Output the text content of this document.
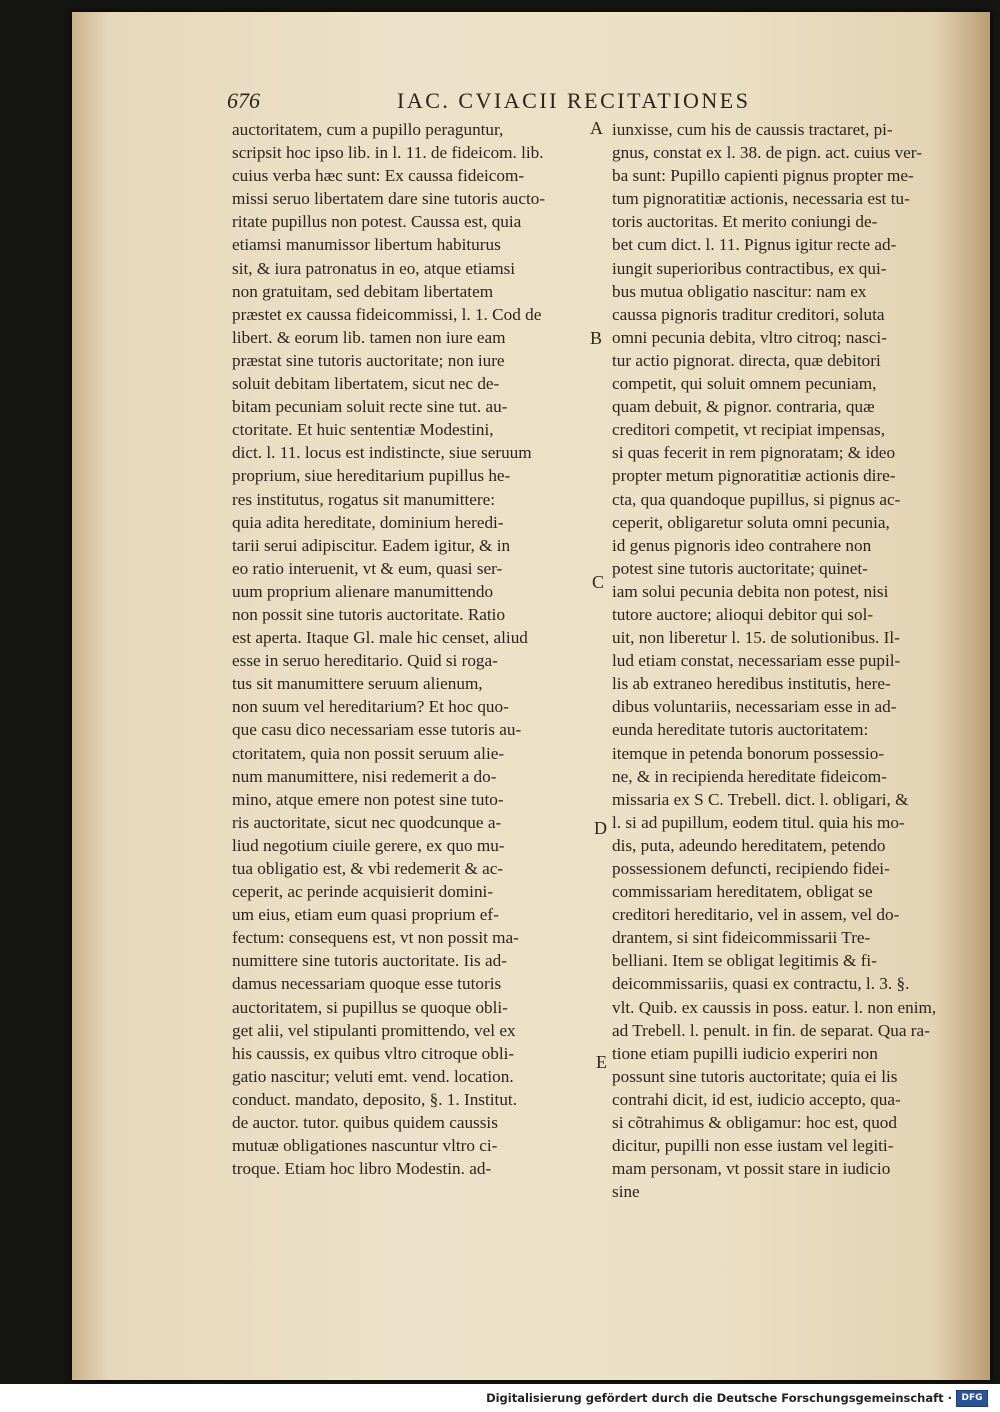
676	IAC. CVIACII RECITATIONES
auctoritatem, cum a pupillo peraguntur,
scripsit hoc ipso lib. in l. 11. de fideicom. lib.
cuius verba hæc sunt: Ex caussa fideicom-
missi seruo libertatem dare sine tutoris aucto-
ritate pupillus non potest. Caussa est, quia
etiamsi manumissor libertum habiturus
sit, & iura patronatus in eo, atque etiamsi
non gratuitam, sed debitam libertatem
præstet ex caussa fideicommissi, l. 1. Cod de
libert. & eorum lib. tamen non iure eam
præstat sine tutoris auctoritate; non iure
soluit debitam libertatem, sicut nec de-
bitam pecuniam soluit recte sine tut. au-
ctoritate. Et huic sententiæ Modestini,
dict. l. 11. locus est indistincte, siue seruum
proprium, siue hereditarium pupillus he-
res institutus, rogatus sit manumittere:
quia adita hereditate, dominium heredi-
tarii serui adipiscitur. Eadem igitur, & in
eo ratio interuenit, vt & eum, quasi ser-
uum proprium alienare manumittendo
non possit sine tutoris auctoritate. Ratio
est aperta. Itaque Gl. male hic censet, aliud
esse in seruo hereditario. Quid si roga-
tus sit manumittere seruum alienum,
non suum vel hereditarium? Et hoc quo-
que casu dico necessariam esse tutoris au-
ctoritatem, quia non possit seruum alie-
num manumittere, nisi redemerit a do-
mino, atque emere non potest sine tuto-
ris auctoritate, sicut nec quodcunque a-
liud negotium ciuile gerere, ex quo mu-
tua obligatio est, & vbi redemerit & ac-
ceperit, ac perinde acquisierit domini-
um eius, etiam eum quasi proprium ef-
fectum: consequens est, vt non possit ma-
numittere sine tutoris auctoritate. Iis ad-
damus necessariam quoque esse tutoris
auctoritatem, si pupillus se quoque obli-
get alii, vel stipulanti promittendo, vel ex
his caussis, ex quibus vltro citroque obli-
gatio nascitur; veluti emt. vend. location.
conduct. mandato, deposito, §. 1. Institut.
de auctor. tutor. quibus quidem caussis
mutuæ obligationes nascuntur vltro ci-
troque. Etiam hoc libro Modestin. ad-
iunxisse, cum his de caussis tractaret, pi-
gnus, constat ex l. 38. de pign. act. cuius ver-
ba sunt: Pupillo capienti pignus propter me-
tum pignoratitiæ actionis, necessaria est tu-
toris auctoritas. Et merito coniungi de-
bet cum dict. l. 11. Pignus igitur recte ad-
iungit superioribus contractibus, ex qui-
bus mutua obligatio nascitur: nam ex
caussa pignoris traditur creditori, soluta
omni pecunia debita, vltro citroq; nasci-
tur actio pignorat. directa, quæ debitori
competit, qui soluit omnem pecuniam,
quam debuit, & pignor. contraria, quæ
creditori competit, vt recipiat impensas,
si quas fecerit in rem pignoratam; & ideo
propter metum pignoratitiæ actionis dire-
cta, qua quandoque pupillus, si pignus ac-
ceperit, obligaretur soluta omni pecunia,
id genus pignoris ideo contrahere non
potest sine tutoris auctoritate; quinet-
iam solui pecunia debita non potest, nisi
tutore auctore; alioqui debitor qui sol-
uit, non liberetur l. 15. de solutionibus. Il-
lud etiam constat, necessariam esse pupil-
lis ab extraneo heredibus institutis, here-
dibus voluntariis, necessariam esse in ad-
eunda hereditate tutoris auctoritatem:
itemque in petenda bonorum possessio-
ne, & in recipienda hereditate fideicom-
missaria ex S C. Trebell. dict. l. obligari, &
l. si ad pupillum, eodem titul. quia his mo-
dis, puta, adeundo hereditatem, petendo
possessionem defuncti, recipiendo fidei-
commissariam hereditatem, obligat se
creditori hereditario, vel in assem, vel do-
drantem, si sint fideicommissarii Tre-
belliani. Item se obligat legitimis & fi-
deicommissariis, quasi ex contractu, l. 3. §.
vlt. Quib. ex caussis in poss. eatur. l. non enim,
ad Trebell. l. penult. in fin. de separat. Qua ra-
tione etiam pupilli iudicio experiri non
possunt sine tutoris auctoritate; quia ei lis
contrahi dicit, id est, iudicio accepto, qua-
si cõtrahimus & obligamur: hoc est, quod
dicitur, pupilli non esse iustam vel legiti-
mam personam, vt possit stare in iudicio
sine
A
B
C
D
E
Digitalisierung gefördert durch die Deutsche Forschungsgemeinschaft ·	DFG
